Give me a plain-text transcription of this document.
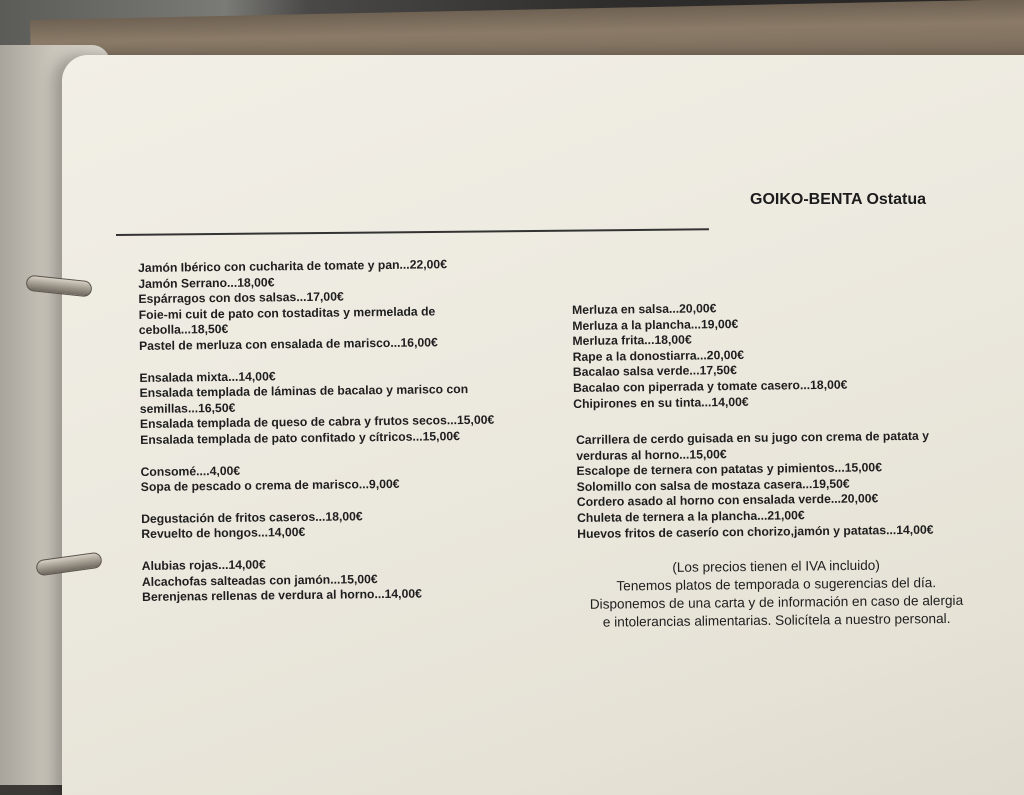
GOIKO-BENTA Ostatua
Jamón Ibérico con cucharita de tomate y pan...22,00€
Jamón Serrano...18,00€
Espárragos con dos salsas...17,00€
Foie-mi cuit de pato con tostaditas y mermelada de
cebolla...18,50€
Pastel de merluza con ensalada de marisco...16,00€
Ensalada mixta...14,00€
Ensalada templada de láminas de bacalao y marisco con
semillas...16,50€
Ensalada templada de queso de cabra y frutos secos...15,00€
Ensalada templada de pato confitado y cítricos...15,00€
Consomé....4,00€
Sopa de pescado o crema de marisco...9,00€
Degustación de fritos caseros...18,00€
Revuelto de hongos...14,00€
Alubias rojas...14,00€
Alcachofas salteadas con jamón...15,00€
Berenjenas rellenas de verdura al horno...14,00€
Merluza en salsa...20,00€
Merluza a la plancha...19,00€
Merluza frita...18,00€
Rape a la donostiarra...20,00€
Bacalao salsa verde...17,50€
Bacalao con piperrada y tomate casero...18,00€
Chipirones en su tinta...14,00€
Carrillera de cerdo guisada en su jugo con crema de patata y
verduras al horno...15,00€
Escalope de ternera con patatas y pimientos...15,00€
Solomillo con salsa de mostaza casera...19,50€
Cordero asado al horno con ensalada verde...20,00€
Chuleta de ternera a la plancha...21,00€
Huevos fritos de caserío con chorizo,jamón y patatas...14,00€
(Los precios tienen el IVA incluido)
Tenemos platos de temporada o sugerencias del día.
Disponemos de una carta y de información en caso de alergia
e intolerancias alimentarias. Solicítela a nuestro personal.
